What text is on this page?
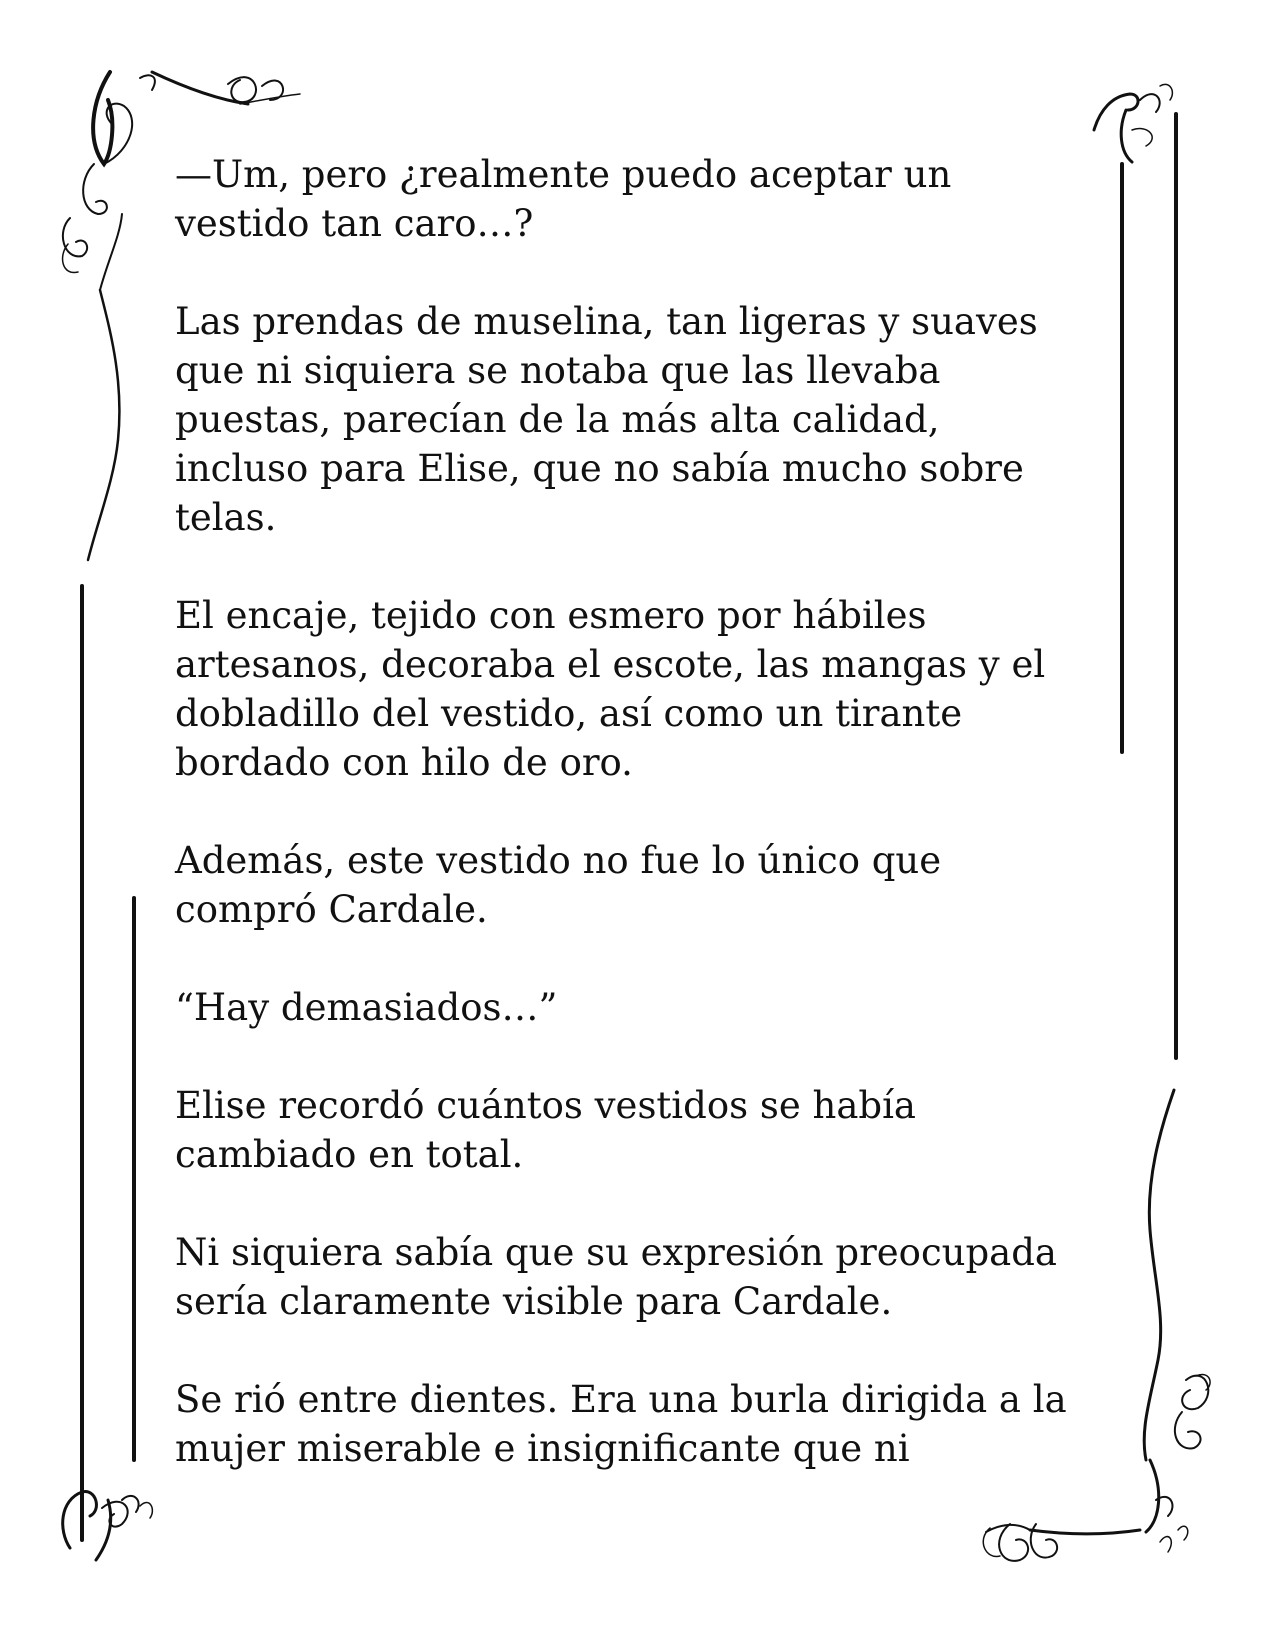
—Um, pero ¿realmente puedo aceptar un
vestido tan caro…?

Las prendas de muselina, tan ligeras y suaves
que ni siquiera se notaba que las llevaba
puestas, parecían de la más alta calidad,
incluso para Elise, que no sabía mucho sobre
telas.

El encaje, tejido con esmero por hábiles
artesanos, decoraba el escote, las mangas y el
dobladillo del vestido, así como un tirante
bordado con hilo de oro.

Además, este vestido no fue lo único que
compró Cardale.

“Hay demasiados…”

Elise recordó cuántos vestidos se había
cambiado en total.

Ni siquiera sabía que su expresión preocupada
sería claramente visible para Cardale.

Se rió entre dientes. Era una burla dirigida a la
mujer miserable e insignificante que ni
